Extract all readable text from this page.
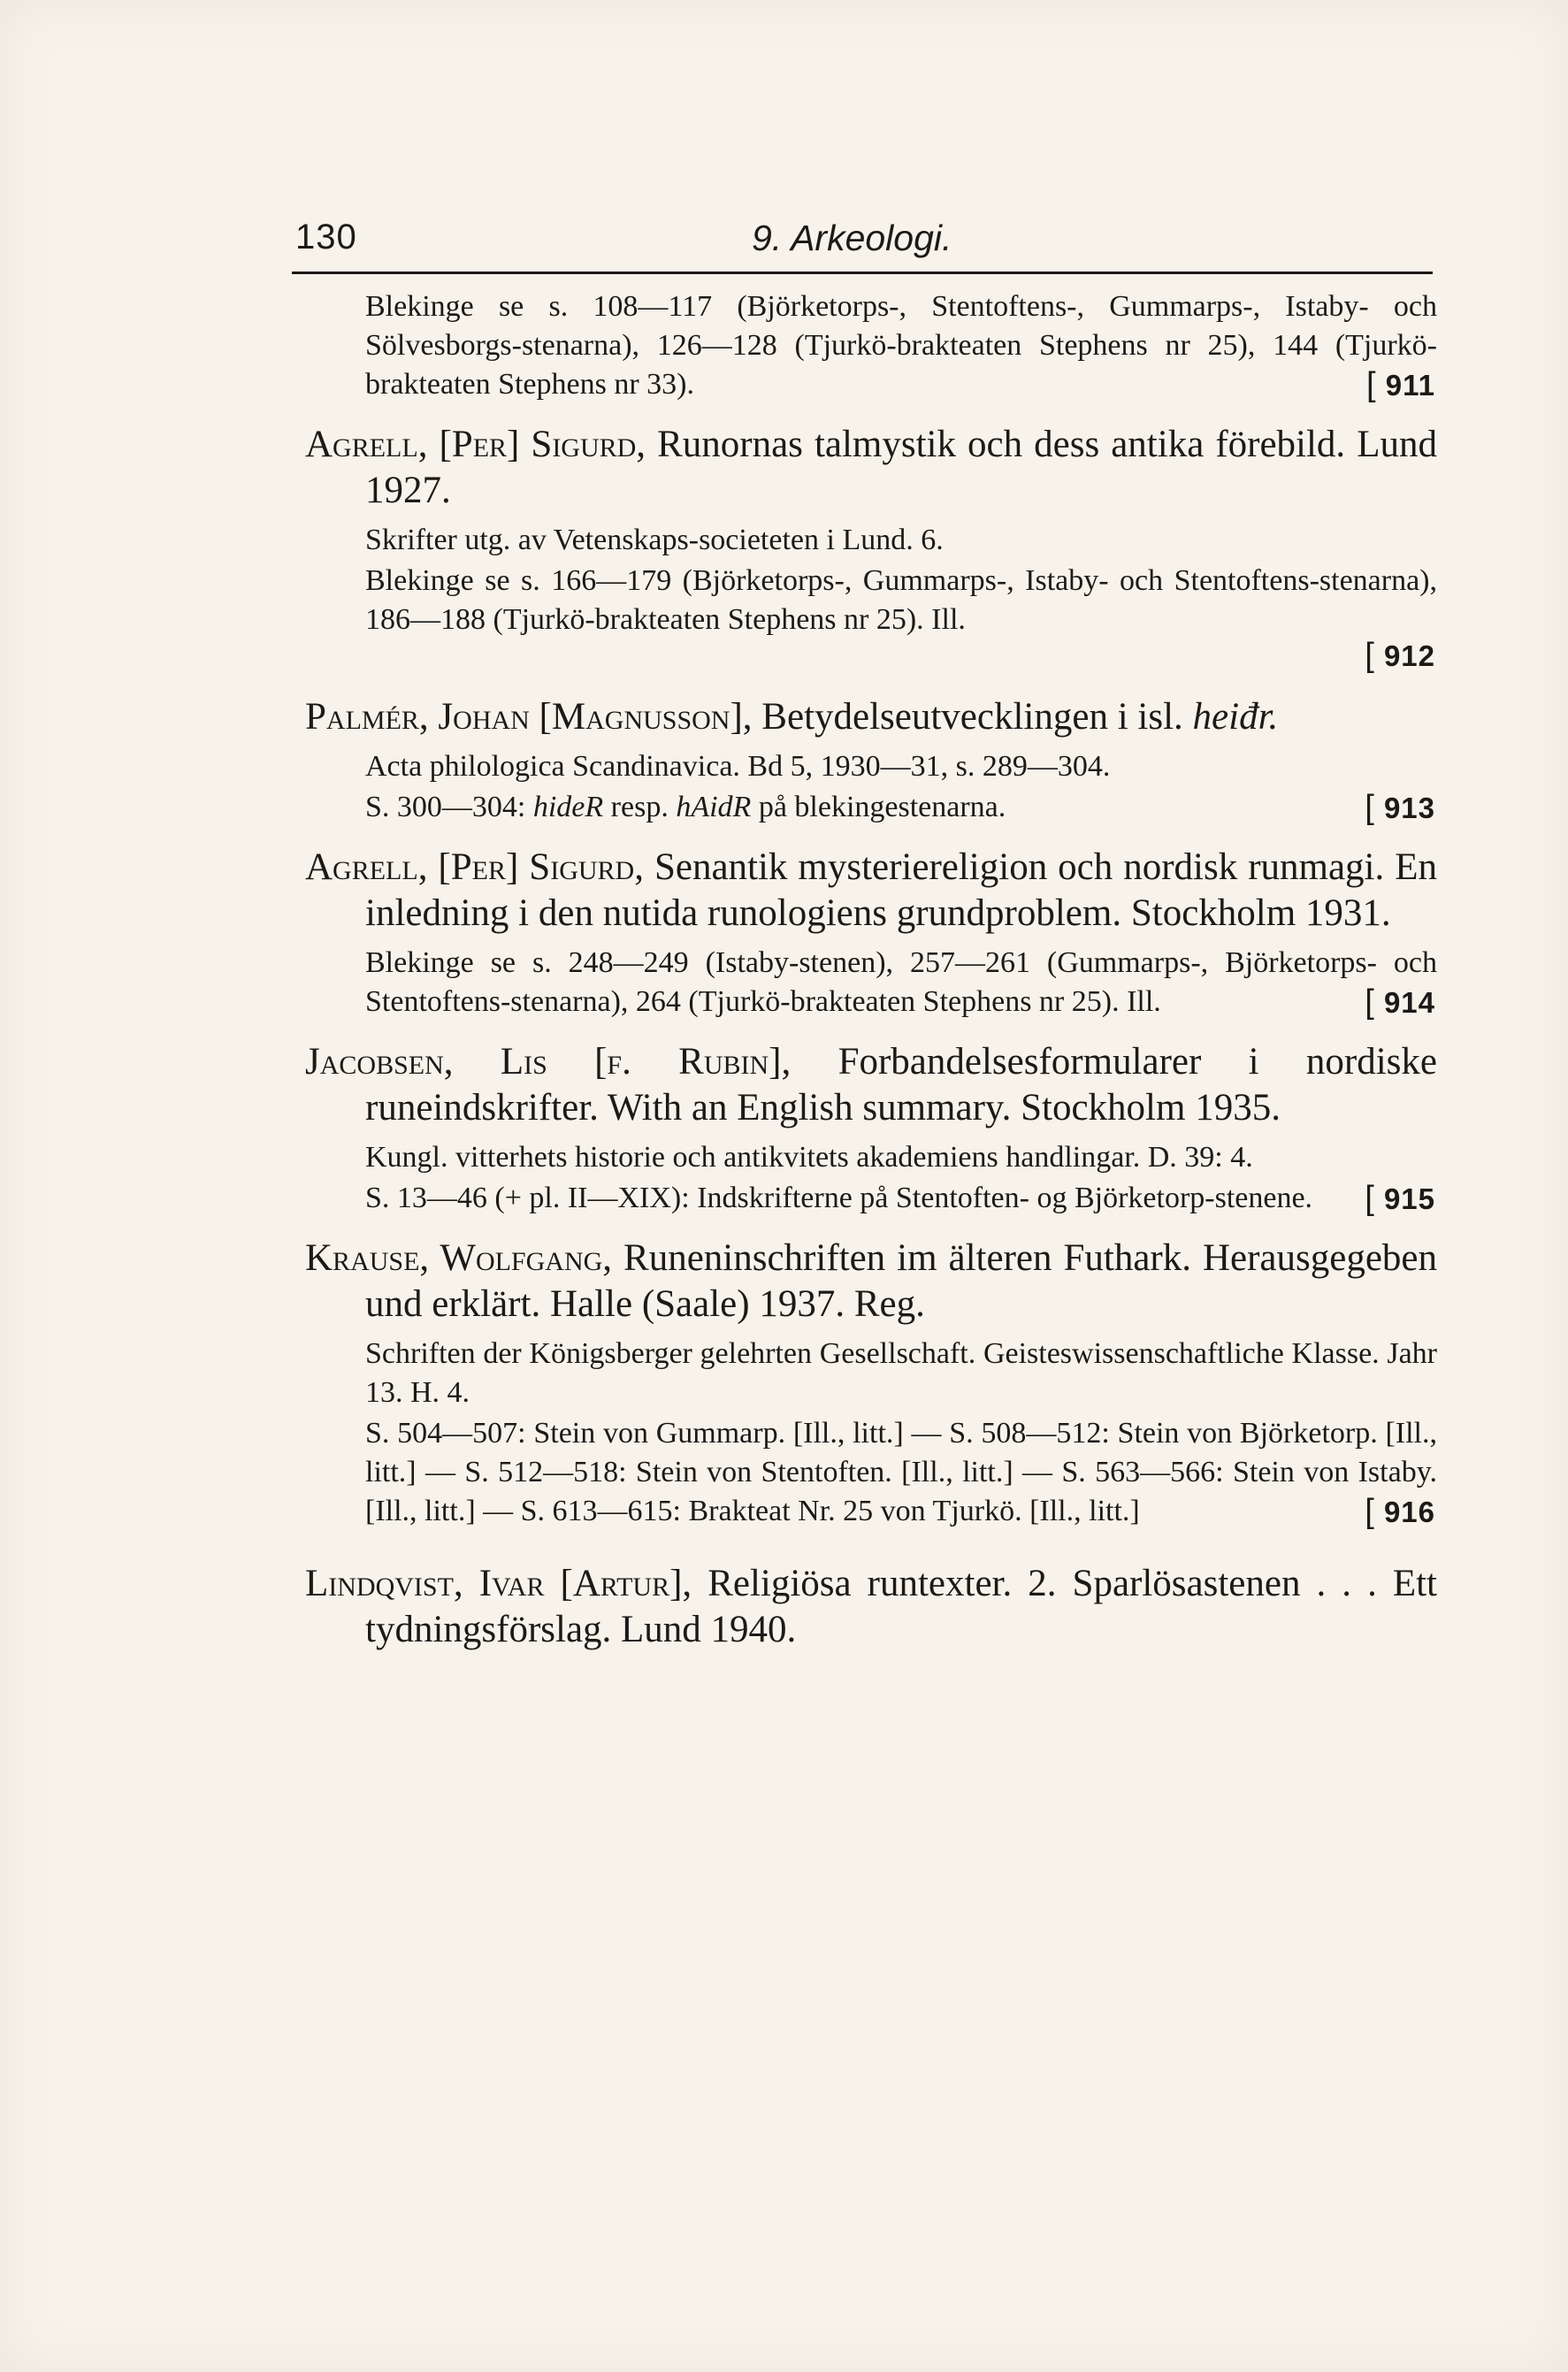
130	9. Arkeologi.
Blekinge se s. 108—117 (Björketorps-, Stentoftens-, Gummarps-, Istaby- och Sölvesborgs-stenarna), 126—128 (Tjurkö-brakteaten Stephens nr 25), 144 (Tjurkö-brakteaten Stephens nr 33).	[ 911
Agrell, [Per] Sigurd, Runornas talmystik och dess antika förebild. Lund 1927.
Skrifter utg. av Vetenskaps-societeten i Lund. 6.
Blekinge se s. 166—179 (Björketorps-, Gummarps-, Istaby- och Stentoftens-stenarna), 186—188 (Tjurkö-brakteaten Stephens nr 25). Ill.
[ 912
Palmér, Johan [Magnusson], Betydelseutvecklingen i isl. heiđr.
Acta philologica Scandinavica. Bd 5, 1930—31, s. 289—304.
S. 300—304: hideR resp. hAidR på blekingestenarna.	[ 913
Agrell, [Per] Sigurd, Senantik mysteriereligion och nordisk runmagi. En inledning i den nutida runologiens grundproblem. Stockholm 1931.
Blekinge se s. 248—249 (Istaby-stenen), 257—261 (Gummarps-, Björketorps- och Stentoftens-stenarna), 264 (Tjurkö-brakteaten Stephens nr 25). Ill.	[ 914
Jacobsen, Lis [f. Rubin], Forbandelsesformularer i nordiske runeindskrifter. With an English summary. Stockholm 1935.
Kungl. vitterhets historie och antikvitets akademiens handlingar. D. 39: 4.
S. 13—46 (+ pl. II—XIX): Indskrifterne på Stentoften- og Björketorp-stenene.	[ 915
Krause, Wolfgang, Runeninschriften im älteren Futhark. Herausgegeben und erklärt. Halle (Saale) 1937. Reg.
Schriften der Königsberger gelehrten Gesellschaft. Geisteswissenschaftliche Klasse. Jahr 13. H. 4.
S. 504—507: Stein von Gummarp. [Ill., litt.] — S. 508—512: Stein von Björketorp. [Ill., litt.] — S. 512—518: Stein von Stentoften. [Ill., litt.] — S. 563—566: Stein von Istaby. [Ill., litt.] — S. 613—615: Brakteat Nr. 25 von Tjurkö. [Ill., litt.]	[ 916
Lindqvist, Ivar [Artur], Religiösa runtexter. 2. Sparlösastenen . . . Ett tydningsförslag. Lund 1940.
